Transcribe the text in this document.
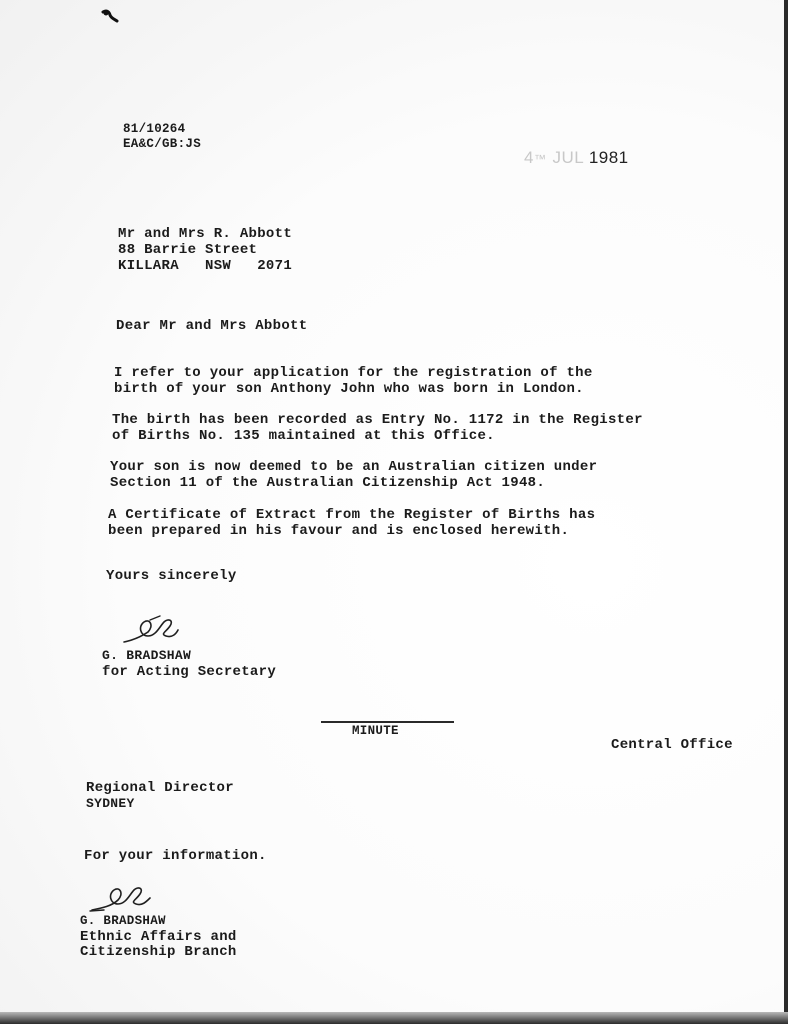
81/10264
EA&C/GB:JS
4™ JUL 1981
Mr and Mrs R. Abbott
88 Barrie Street
KILLARA   NSW   2071
Dear Mr and Mrs Abbott
I refer to your application for the registration of the
birth of your son Anthony John who was born in London.
The birth has been recorded as Entry No. 1172 in the Register
of Births No. 135 maintained at this Office.
Your son is now deemed to be an Australian citizen under
Section 11 of the Australian Citizenship Act 1948.
A Certificate of Extract from the Register of Births has
been prepared in his favour and is enclosed herewith.
Yours sincerely
G. BRADSHAW
for Acting Secretary
MINUTE
Central Office
Regional Director
SYDNEY
For your information.
G. BRADSHAW
Ethnic Affairs and
Citizenship Branch
